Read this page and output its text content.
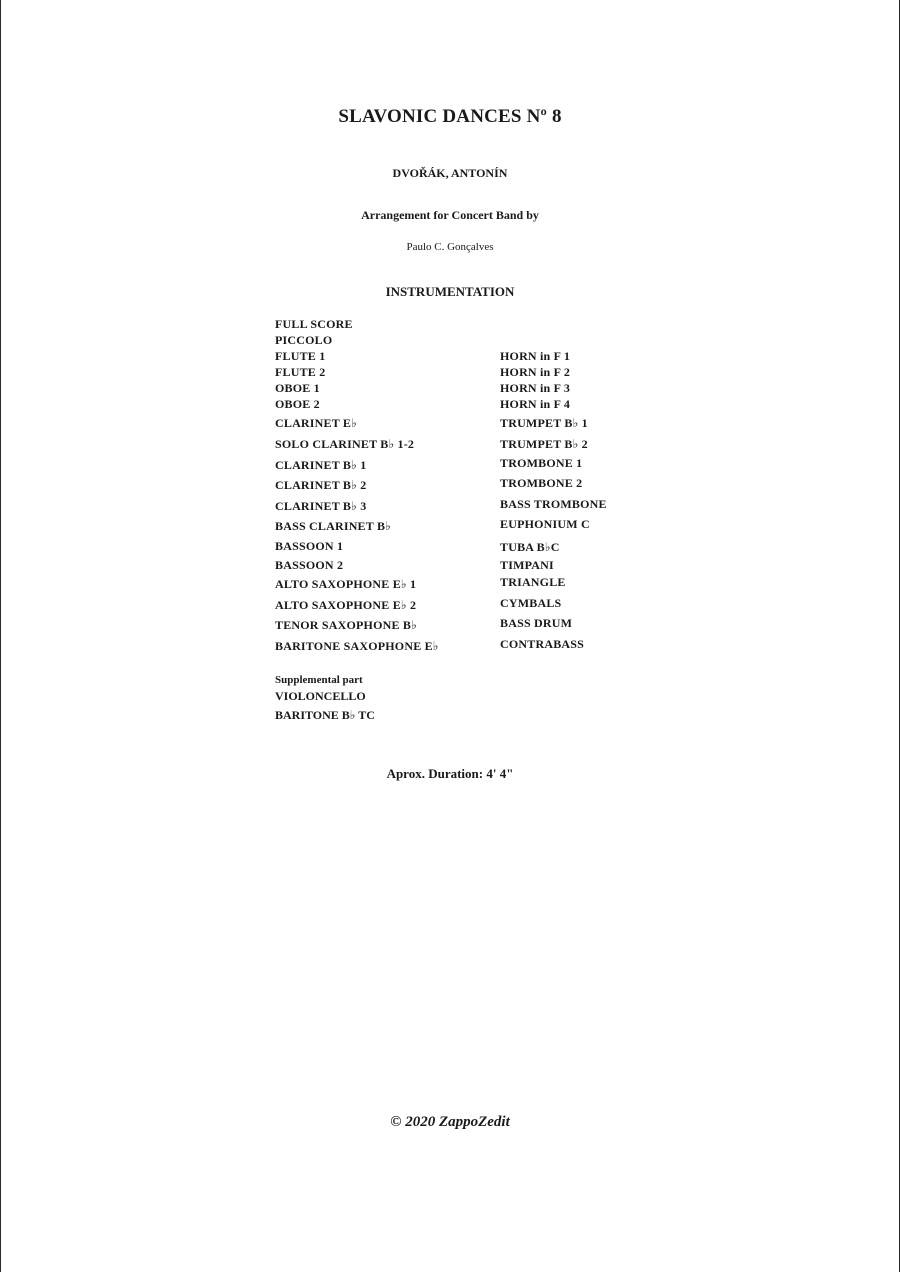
SLAVONIC DANCES Nº 8
DVOŘÁK, ANTONÍN
Arrangement for Concert Band by
Paulo C. Gonçalves
INSTRUMENTATION
FULL SCORE
PICCOLO
FLUTE 1
FLUTE 2
OBOE 1
OBOE 2
CLARINET E♭
SOLO CLARINET B♭ 1-2
CLARINET B♭ 1
CLARINET B♭ 2
CLARINET B♭ 3
BASS CLARINET B♭
BASSOON 1
BASSOON 2
ALTO SAXOPHONE E♭ 1
ALTO SAXOPHONE E♭ 2
TENOR SAXOPHONE B♭
BARITONE SAXOPHONE E♭
HORN in F 1
HORN in F 2
HORN in F 3
HORN in F 4
TRUMPET B♭ 1
TRUMPET B♭ 2
TROMBONE 1
TROMBONE 2
BASS TROMBONE
EUPHONIUM C
TUBA B♭C
TIMPANI
TRIANGLE
CYMBALS
BASS DRUM
CONTRABASS
Supplemental part
VIOLONCELLO
BARITONE B♭ TC
Aprox. Duration: 4' 4"
© 2020 ZappoZedit
